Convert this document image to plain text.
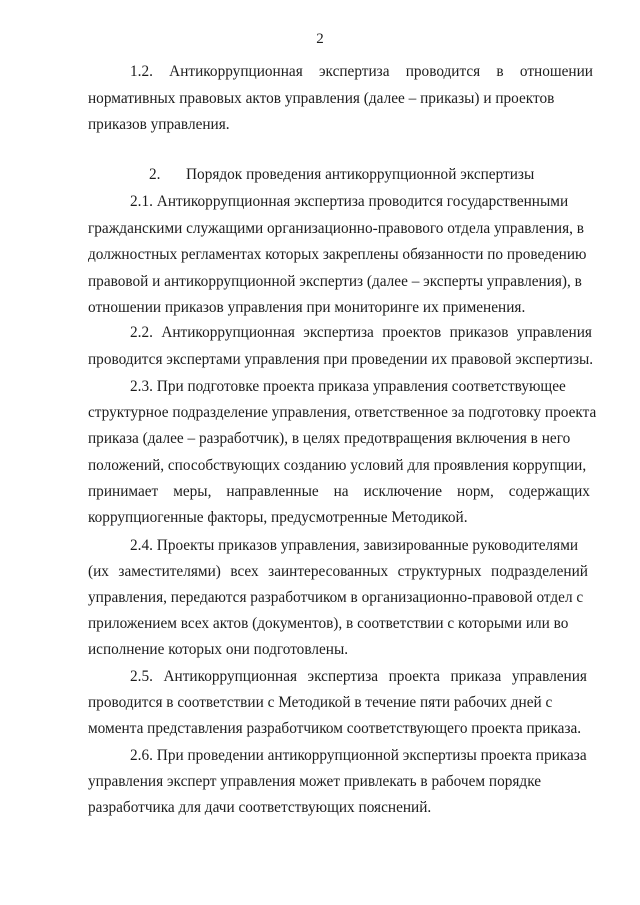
2
1.2. Антикоррупционная экспертиза проводится в отношении
нормативных правовых актов управления (далее – приказы) и проектов
приказов управления.
2. Порядок проведения антикоррупционной экспертизы
2.1. Антикоррупционная экспертиза проводится государственными
гражданскими служащими организационно-правового отдела управления, в
должностных регламентах которых закреплены обязанности по проведению
правовой и антикоррупционной экспертиз (далее – эксперты управления), в
отношении приказов управления при мониторинге их применения.
2.2. Антикоррупционная экспертиза проектов приказов управления
проводится экспертами управления при проведении их правовой экспертизы.
2.3. При подготовке проекта приказа управления соответствующее
структурное подразделение управления, ответственное за подготовку проекта
приказа (далее – разработчик), в целях предотвращения включения в него
положений, способствующих созданию условий для проявления коррупции,
принимает меры, направленные на исключение норм, содержащих
коррупциогенные факторы, предусмотренные Методикой.
2.4. Проекты приказов управления, завизированные руководителями
(их заместителями) всех заинтересованных структурных подразделений
управления, передаются разработчиком в организационно-правовой отдел с
приложением всех актов (документов), в соответствии с которыми или во
исполнение которых они подготовлены.
2.5. Антикоррупционная экспертиза проекта приказа управления
проводится в соответствии с Методикой в течение пяти рабочих дней с
момента представления разработчиком соответствующего проекта приказа.
2.6. При проведении антикоррупционной экспертизы проекта приказа
управления эксперт управления может привлекать в рабочем порядке
разработчика для дачи соответствующих пояснений.
